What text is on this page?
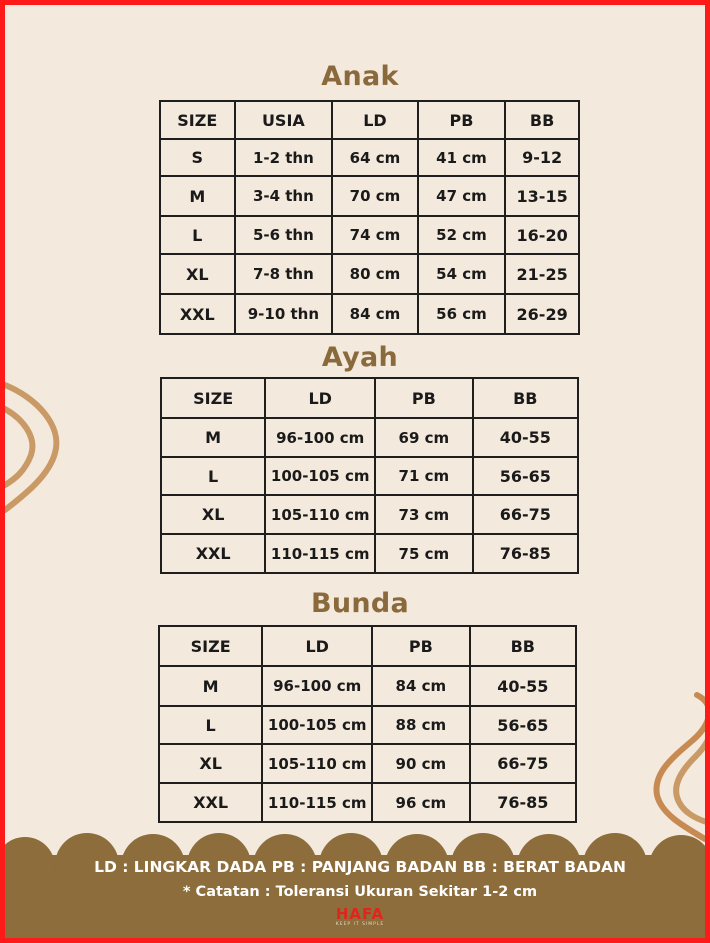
Anak
SIZE	USIA	LD	PB	BB
S	1-2 thn	64 cm	41 cm	9-12
M	3-4 thn	70 cm	47 cm	13-15
L	5-6 thn	74 cm	52 cm	16-20
XL	7-8 thn	80 cm	54 cm	21-25
XXL	9-10 thn	84 cm	56 cm	26-29
Ayah
SIZE	LD	PB	BB
M	96-100 cm	69 cm	40-55
L	100-105 cm	71 cm	56-65
XL	105-110 cm	73 cm	66-75
XXL	110-115 cm	75 cm	76-85
Bunda
SIZE	LD	PB	BB
M	96-100 cm	84 cm	40-55
L	100-105 cm	88 cm	56-65
XL	105-110 cm	90 cm	66-75
XXL	110-115 cm	96 cm	76-85
LD : LINGKAR DADA PB : PANJANG BADAN BB : BERAT BADAN
* Catatan : Toleransi Ukuran Sekitar 1-2 cm
HAFA
KEEP IT SIMPLE
